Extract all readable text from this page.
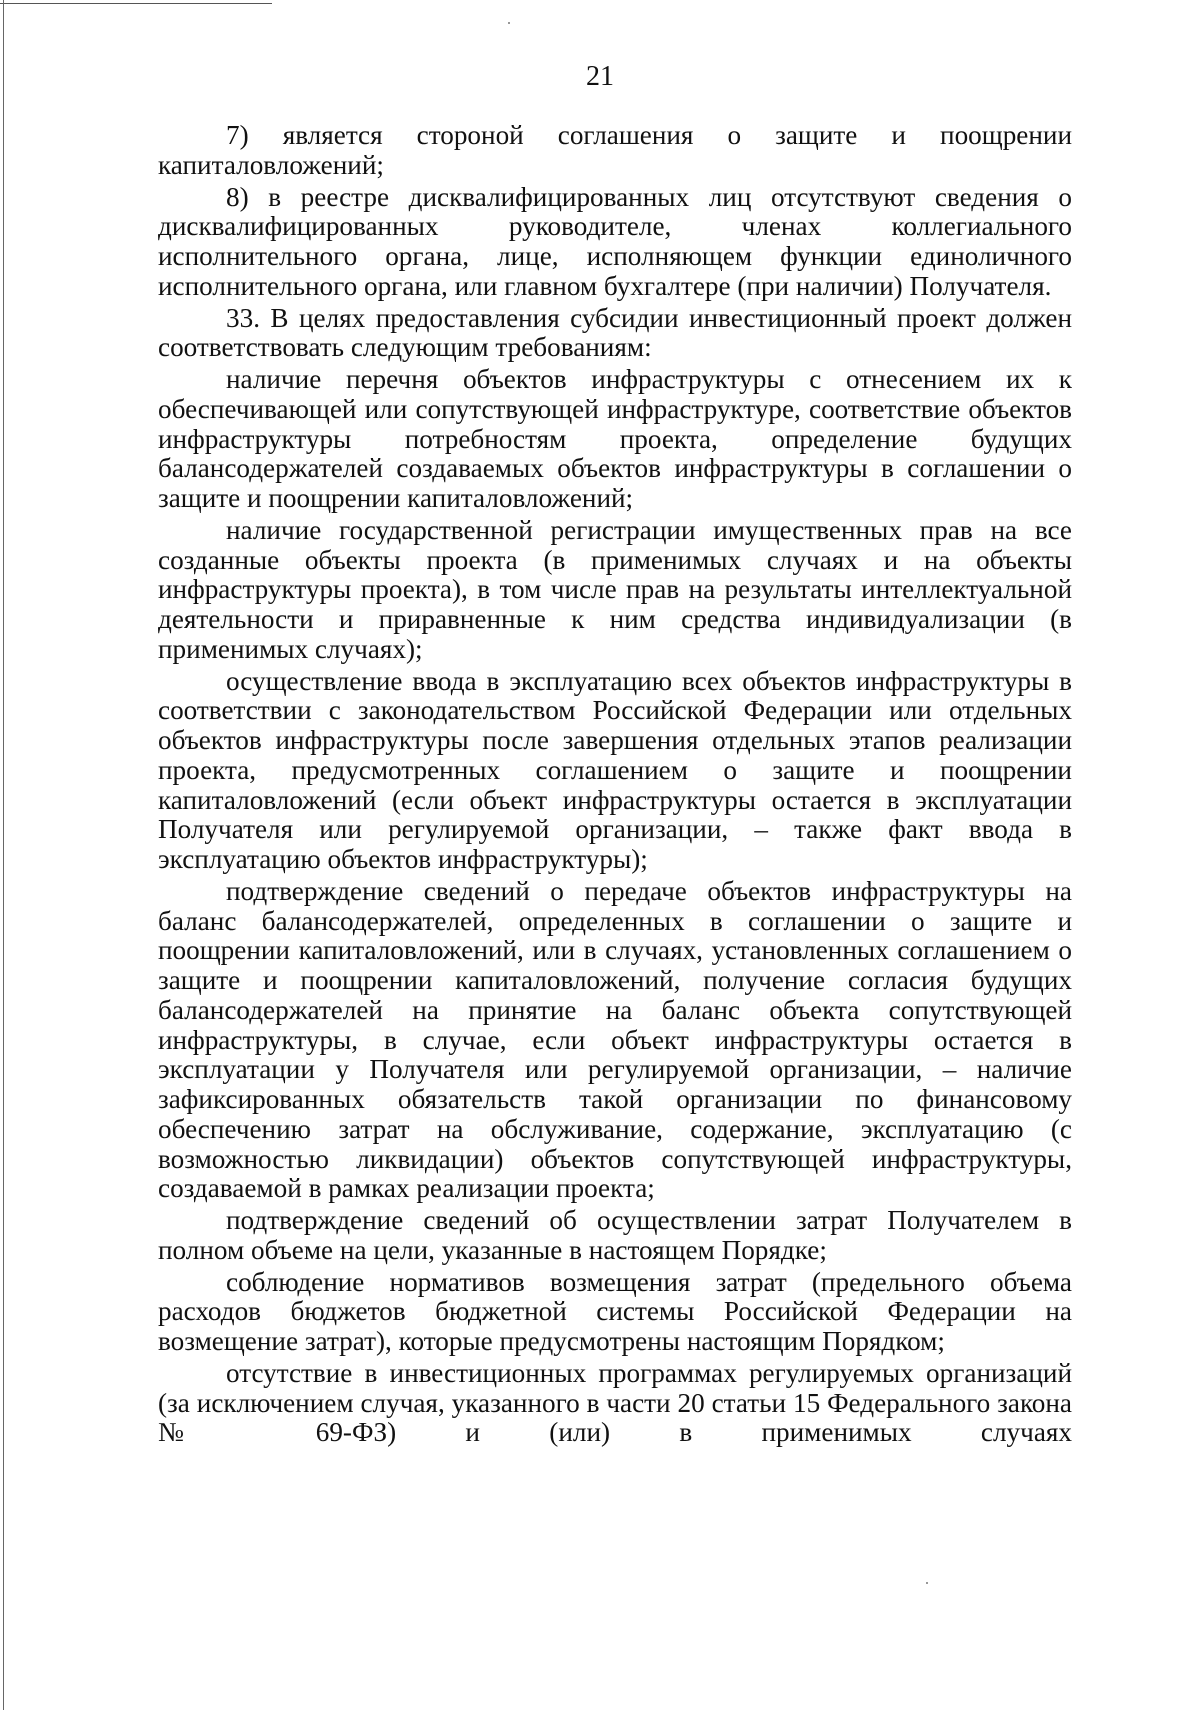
21

7) является стороной соглашения о защите и поощрении капиталовложений;

8) в реестре дисквалифицированных лиц отсутствуют сведения о дисквалифицированных руководителе, членах коллегиального исполнительного органа, лице, исполняющем функции единоличного исполнительного органа, или главном бухгалтере (при наличии) Получателя.

33. В целях предоставления субсидии инвестиционный проект должен соответствовать следующим требованиям:

наличие перечня объектов инфраструктуры с отнесением их к обеспечивающей или сопутствующей инфраструктуре, соответствие объектов инфраструктуры потребностям проекта, определение будущих балансодержателей создаваемых объектов инфраструктуры в соглашении о защите и поощрении капиталовложений;

наличие государственной регистрации имущественных прав на все созданные объекты проекта (в применимых случаях и на объекты инфраструктуры проекта), в том числе прав на результаты интеллектуальной деятельности и приравненные к ним средства индивидуализации (в применимых случаях);

осуществление ввода в эксплуатацию всех объектов инфраструктуры в соответствии с законодательством Российской Федерации или отдельных объектов инфраструктуры после завершения отдельных этапов реализации проекта, предусмотренных соглашением о защите и поощрении капиталовложений (если объект инфраструктуры остается в эксплуатации Получателя или регулируемой организации, – также факт ввода в эксплуатацию объектов инфраструктуры);

подтверждение сведений о передаче объектов инфраструктуры на баланс балансодержателей, определенных в соглашении о защите и поощрении капиталовложений, или в случаях, установленных соглашением о защите и поощрении капиталовложений, получение согласия будущих балансодержателей на принятие на баланс объекта сопутствующей инфраструктуры, в случае, если объект инфраструктуры остается в эксплуатации у Получателя или регулируемой организации, – наличие зафиксированных обязательств такой организации по финансовому обеспечению затрат на обслуживание, содержание, эксплуатацию (с возможностью ликвидации) объектов сопутствующей инфраструктуры, создаваемой в рамках реализации проекта;

подтверждение сведений об осуществлении затрат Получателем в полном объеме на цели, указанные в настоящем Порядке;

соблюдение нормативов возмещения затрат (предельного объема расходов бюджетов бюджетной системы Российской Федерации на возмещение затрат), которые предусмотрены настоящим Порядком;

отсутствие в инвестиционных программах регулируемых организаций (за исключением случая, указанного в части 20 статьи 15 Федерального закона № 69-ФЗ) и (или) в применимых случаях
